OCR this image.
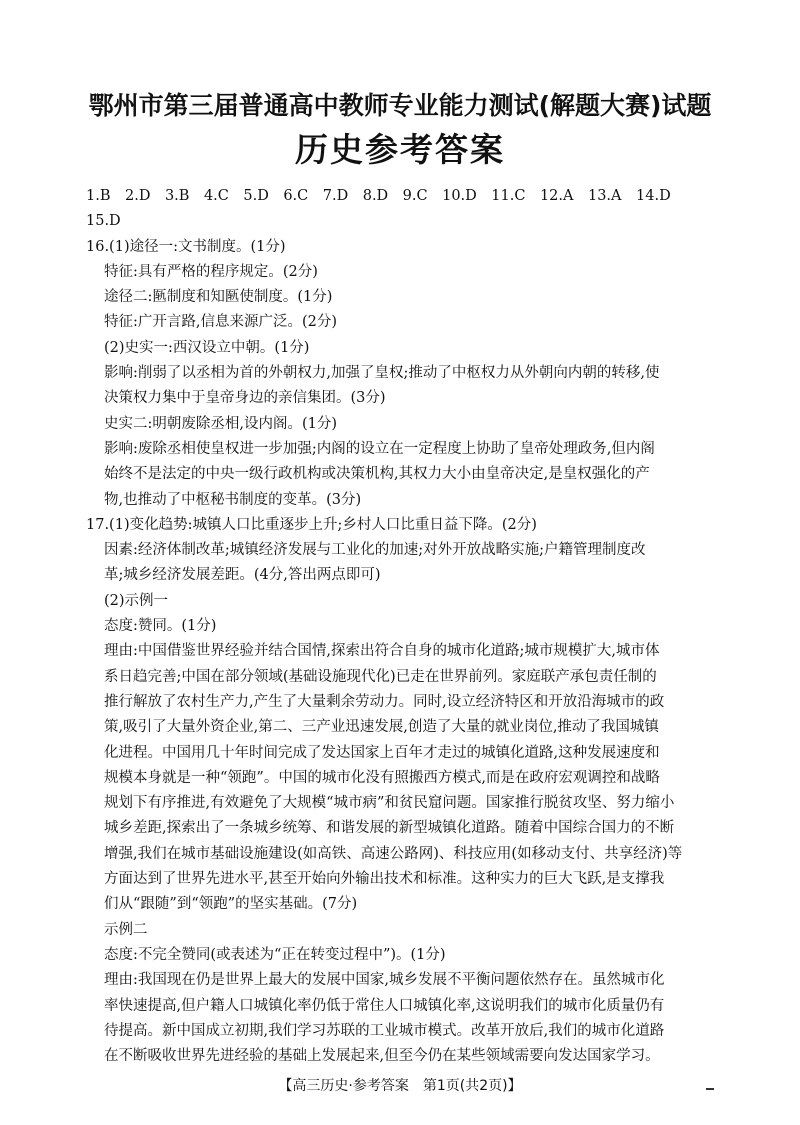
鄂州市第三届普通高中教师专业能力测试(解题大赛)试题
历史参考答案
1.B　2.D　3.B　4.C　5.D　6.C　7.D　8.D　9.C　10.D　11.C　12.A　13.A　14.D
15.D
16.(1)途径一:文书制度。(1分)
特征:具有严格的程序规定。(2分)
途径二:匦制度和知匦使制度。(1分)
特征:广开言路,信息来源广泛。(2分)
(2)史实一:西汉设立中朝。(1分)
影响:削弱了以丞相为首的外朝权力,加强了皇权;推动了中枢权力从外朝向内朝的转移,使
决策权力集中于皇帝身边的亲信集团。(3分)
史实二:明朝废除丞相,设内阁。(1分)
影响:废除丞相使皇权进一步加强;内阁的设立在一定程度上协助了皇帝处理政务,但内阁
始终不是法定的中央一级行政机构或决策机构,其权力大小由皇帝决定,是皇权强化的产
物,也推动了中枢秘书制度的变革。(3分)
17.(1)变化趋势:城镇人口比重逐步上升;乡村人口比重日益下降。(2分)
因素:经济体制改革;城镇经济发展与工业化的加速;对外开放战略实施;户籍管理制度改
革;城乡经济发展差距。(4分,答出两点即可)
(2)示例一
态度:赞同。(1分)
理由:中国借鉴世界经验并结合国情,探索出符合自身的城市化道路;城市规模扩大,城市体
系日趋完善;中国在部分领域(基础设施现代化)已走在世界前列。家庭联产承包责任制的
推行解放了农村生产力,产生了大量剩余劳动力。同时,设立经济特区和开放沿海城市的政
策,吸引了大量外资企业,第二、三产业迅速发展,创造了大量的就业岗位,推动了我国城镇
化进程。中国用几十年时间完成了发达国家上百年才走过的城镇化道路,这种发展速度和
规模本身就是一种“领跑”。中国的城市化没有照搬西方模式,而是在政府宏观调控和战略
规划下有序推进,有效避免了大规模“城市病”和贫民窟问题。国家推行脱贫攻坚、努力缩小
城乡差距,探索出了一条城乡统筹、和谐发展的新型城镇化道路。随着中国综合国力的不断
增强,我们在城市基础设施建设(如高铁、高速公路网)、科技应用(如移动支付、共享经济)等
方面达到了世界先进水平,甚至开始向外输出技术和标准。这种实力的巨大飞跃,是支撑我
们从“跟随”到“领跑”的坚实基础。(7分)
示例二
态度:不完全赞同(或表述为“正在转变过程中”)。(1分)
理由:我国现在仍是世界上最大的发展中国家,城乡发展不平衡问题依然存在。虽然城市化
率快速提高,但户籍人口城镇化率仍低于常住人口城镇化率,这说明我们的城市化质量仍有
待提高。新中国成立初期,我们学习苏联的工业城市模式。改革开放后,我们的城市化道路
在不断吸收世界先进经验的基础上发展起来,但至今仍在某些领域需要向发达国家学习。
【高三历史·参考答案　第1页(共2页)】
